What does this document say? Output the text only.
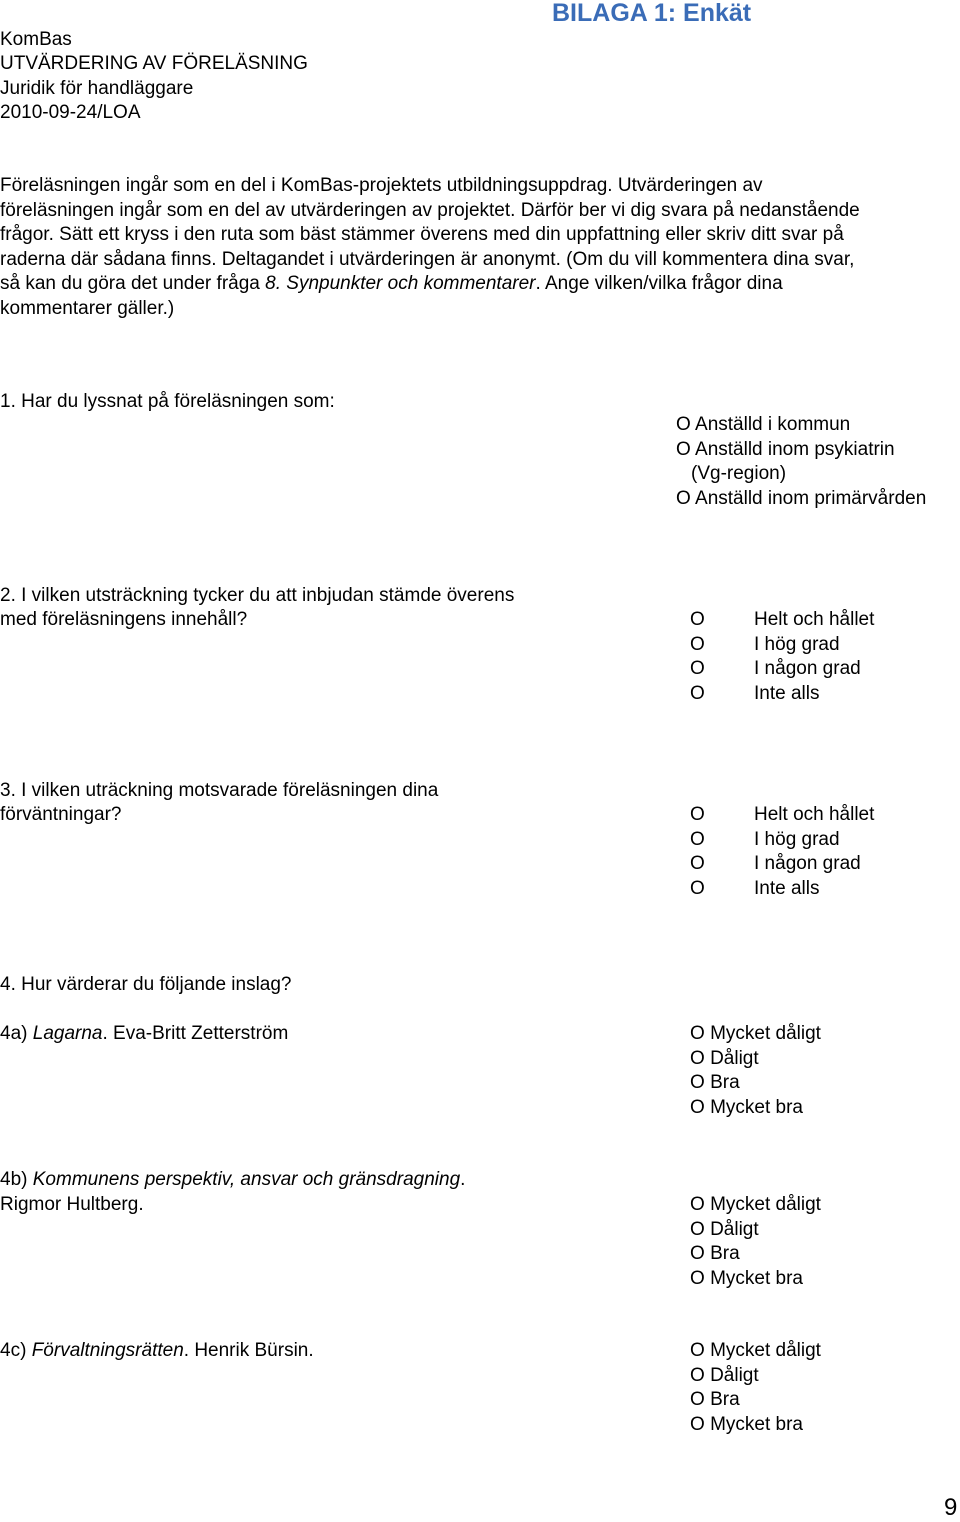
BILAGA 1: Enkät
KomBas
UTVÄRDERING AV FÖRELÄSNING
Juridik för handläggare
2010-09-24/LOA
Föreläsningen ingår som en del i KomBas-projektets utbildningsuppdrag. Utvärderingen av
föreläsningen ingår som en del av utvärderingen av projektet. Därför ber vi dig svara på nedanstående
frågor. Sätt ett kryss i den ruta som bäst stämmer överens med din uppfattning eller skriv ditt svar på
raderna där sådana finns. Deltagandet i utvärderingen är anonymt. (Om du vill kommentera dina svar,
så kan du göra det under fråga 8. Synpunkter och kommentarer. Ange vilken/vilka frågor dina
kommentarer gäller.)
1. Har du lyssnat på föreläsningen som:
O Anställd i kommun
O Anställd inom psykiatrin
(Vg-region)
O Anställd inom primärvården
2. I vilken utsträckning tycker du att inbjudan stämde överens
med föreläsningens innehåll?	O	Helt och hållet
O	I hög grad
O	I någon grad
O	Inte alls
3. I vilken uträckning motsvarade föreläsningen dina
förväntningar?	O	Helt och hållet
O	I hög grad
O	I någon grad
O	Inte alls
4. Hur värderar du följande inslag?
4a) Lagarna. Eva-Britt Zetterström	O Mycket dåligt
O Dåligt
O Bra
O Mycket bra
4b) Kommunens perspektiv, ansvar och gränsdragning.
Rigmor Hultberg.	O Mycket dåligt
O Dåligt
O Bra
O Mycket bra
4c) Förvaltningsrätten. Henrik Bürsin.	O Mycket dåligt
O Dåligt
O Bra
O Mycket bra
9
